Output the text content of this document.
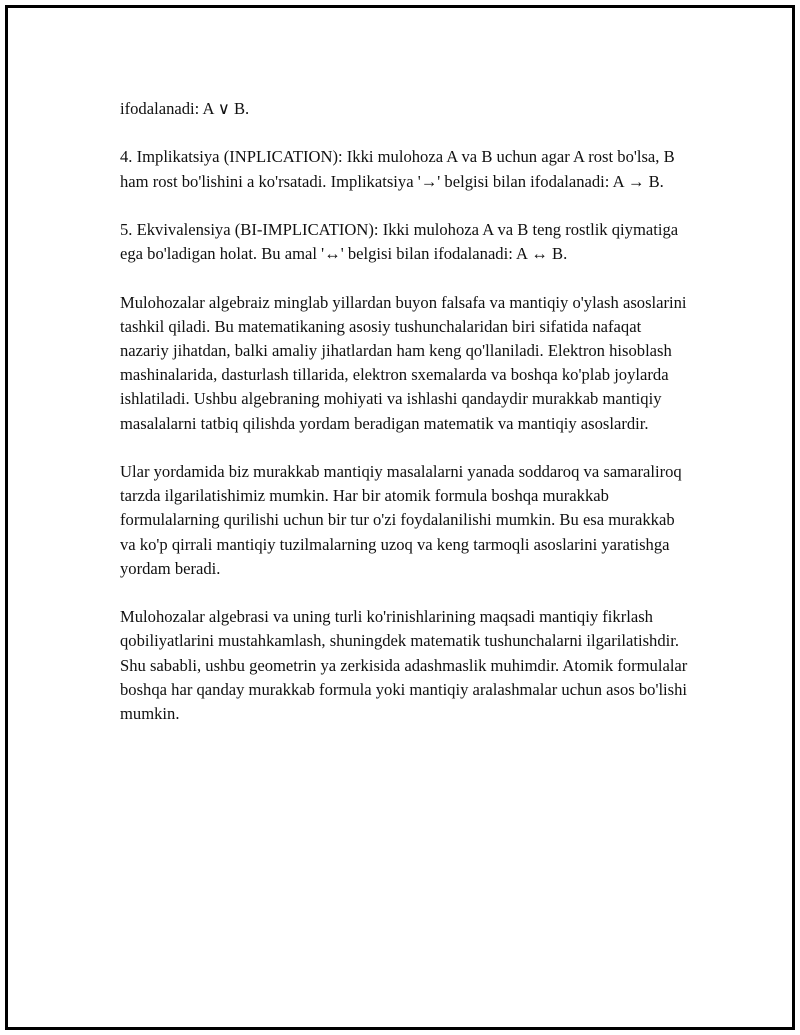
ifodalanadi: A ∨ B.

4. Implikatsiya (INPLICATION): Ikki mulohoza A va B uchun agar A rost bo'lsa, B ham rost bo'lishini a ko'rsatadi. Implikatsiya '→' belgisi bilan ifodalanadi: A → B.

5. Ekvivalensiya (BI-IMPLICATION): Ikki mulohoza A va B teng rostlik qiymatiga ega bo'ladigan holat. Bu amal '↔' belgisi bilan ifodalanadi: A ↔ B.

Mulohozalar algebraiz minglab yillardan buyon falsafa va mantiqiy o'ylash asoslarini tashkil qiladi. Bu matematikaning asosiy tushunchalaridan biri sifatida nafaqat nazariy jihatdan, balki amaliy jihatlardan ham keng qo'llaniladi. Elektron hisoblash mashinalarida, dasturlash tillarida, elektron sxemalarda va boshqa ko'plab joylarda ishlatiladi. Ushbu algebraning mohiyati va ishlashi qandaydir murakkab mantiqiy masalalarni tatbiq qilishda yordam beradigan matematik va mantiqiy asoslardir.

Ular yordamida biz murakkab mantiqiy masalalarni yanada soddaroq va samaraliroq tarzda ilgarilatishimiz mumkin. Har bir atomik formula boshqa murakkab formulalarning qurilishi uchun bir tur o'zi foydalanilishi mumkin. Bu esa murakkab va ko'p qirrali mantiqiy tuzilmalarning uzoq va keng tarmoqli asoslarini yaratishga yordam beradi.

Mulohozalar algebrasi va uning turli ko'rinishlarining maqsadi mantiqiy fikrlash qobiliyatlarini mustahkamlash, shuningdek matematik tushunchalarni ilgarilatishdir. Shu sababli, ushbu geometrin ya zerkisida adashmaslik muhimdir. Atomik formulalar boshqa har qanday murakkab formula yoki mantiqiy aralashmalar uchun asos bo'lishi mumkin.
